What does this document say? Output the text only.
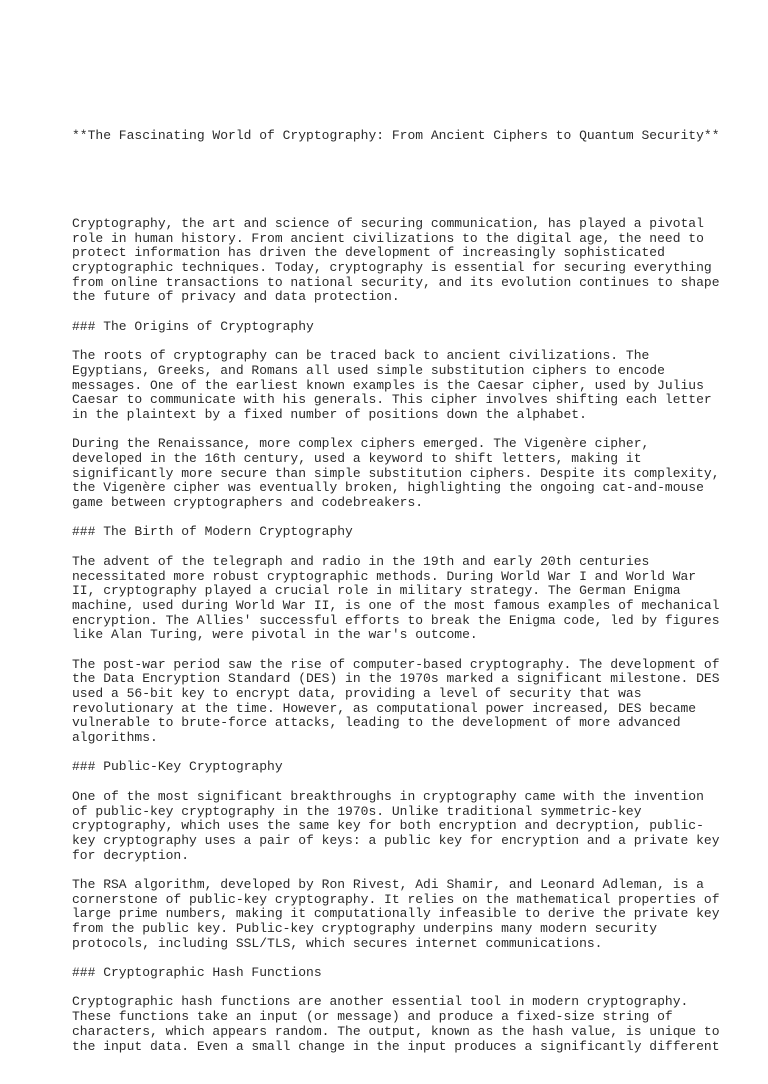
**The Fascinating World of Cryptography: From Ancient Ciphers to Quantum Security**

Cryptography, the art and science of securing communication, has played a pivotal
role in human history. From ancient civilizations to the digital age, the need to
protect information has driven the development of increasingly sophisticated
cryptographic techniques. Today, cryptography is essential for securing everything
from online transactions to national security, and its evolution continues to shape
the future of privacy and data protection.
### The Origins of Cryptography
The roots of cryptography can be traced back to ancient civilizations. The
Egyptians, Greeks, and Romans all used simple substitution ciphers to encode
messages. One of the earliest known examples is the Caesar cipher, used by Julius
Caesar to communicate with his generals. This cipher involves shifting each letter
in the plaintext by a fixed number of positions down the alphabet.
During the Renaissance, more complex ciphers emerged. The Vigenère cipher,
developed in the 16th century, used a keyword to shift letters, making it
significantly more secure than simple substitution ciphers. Despite its complexity,
the Vigenère cipher was eventually broken, highlighting the ongoing cat-and-mouse
game between cryptographers and codebreakers.
### The Birth of Modern Cryptography
The advent of the telegraph and radio in the 19th and early 20th centuries
necessitated more robust cryptographic methods. During World War I and World War
II, cryptography played a crucial role in military strategy. The German Enigma
machine, used during World War II, is one of the most famous examples of mechanical
encryption. The Allies' successful efforts to break the Enigma code, led by figures
like Alan Turing, were pivotal in the war's outcome.
The post-war period saw the rise of computer-based cryptography. The development of
the Data Encryption Standard (DES) in the 1970s marked a significant milestone. DES
used a 56-bit key to encrypt data, providing a level of security that was
revolutionary at the time. However, as computational power increased, DES became
vulnerable to brute-force attacks, leading to the development of more advanced
algorithms.
### Public-Key Cryptography
One of the most significant breakthroughs in cryptography came with the invention
of public-key cryptography in the 1970s. Unlike traditional symmetric-key
cryptography, which uses the same key for both encryption and decryption, public-
key cryptography uses a pair of keys: a public key for encryption and a private key
for decryption.
The RSA algorithm, developed by Ron Rivest, Adi Shamir, and Leonard Adleman, is a
cornerstone of public-key cryptography. It relies on the mathematical properties of
large prime numbers, making it computationally infeasible to derive the private key
from the public key. Public-key cryptography underpins many modern security
protocols, including SSL/TLS, which secures internet communications.
### Cryptographic Hash Functions
Cryptographic hash functions are another essential tool in modern cryptography.
These functions take an input (or message) and produce a fixed-size string of
characters, which appears random. The output, known as the hash value, is unique to
the input data. Even a small change in the input produces a significantly different
